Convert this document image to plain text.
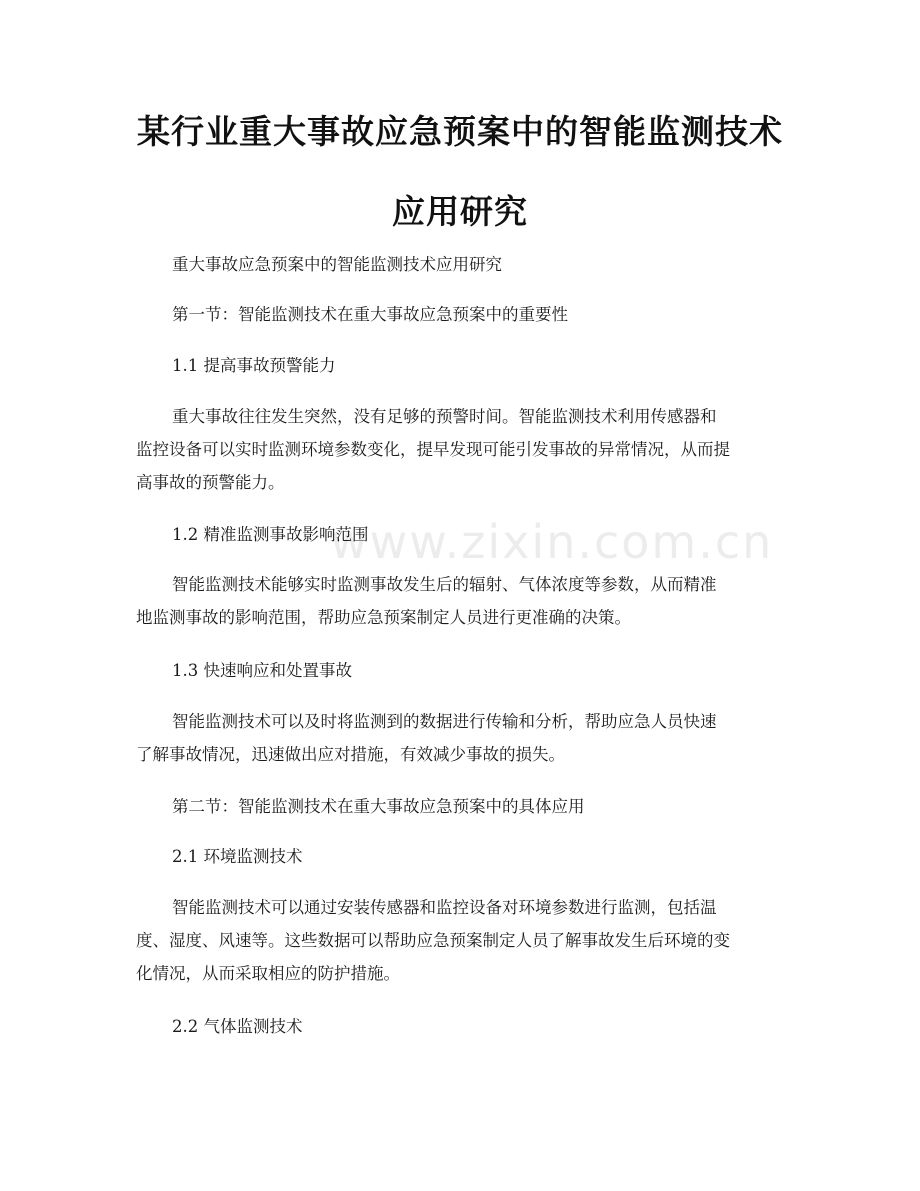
www.zixin.com.cn
某行业重大事故应急预案中的智能监测技术
应用研究

重大事故应急预案中的智能监测技术应用研究

第一节：智能监测技术在重大事故应急预案中的重要性

1.1 提高事故预警能力

重大事故往往发生突然，没有足够的预警时间。智能监测技术利用传感器和
监控设备可以实时监测环境参数变化，提早发现可能引发事故的异常情况，从而提
高事故的预警能力。

1.2 精准监测事故影响范围

智能监测技术能够实时监测事故发生后的辐射、气体浓度等参数，从而精准
地监测事故的影响范围，帮助应急预案制定人员进行更准确的决策。

1.3 快速响应和处置事故

智能监测技术可以及时将监测到的数据进行传输和分析，帮助应急人员快速
了解事故情况，迅速做出应对措施，有效减少事故的损失。

第二节：智能监测技术在重大事故应急预案中的具体应用

2.1 环境监测技术

智能监测技术可以通过安装传感器和监控设备对环境参数进行监测，包括温
度、湿度、风速等。这些数据可以帮助应急预案制定人员了解事故发生后环境的变
化情况，从而采取相应的防护措施。

2.2 气体监测技术
